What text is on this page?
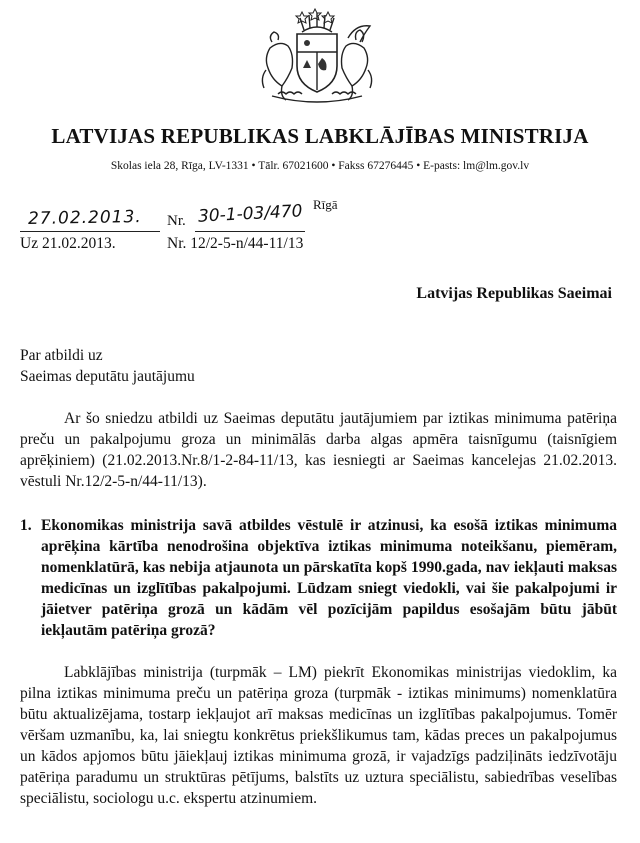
LATVIJAS REPUBLIKAS LABKLĀJĪBAS MINISTRIJA
Skolas iela 28, Rīga, LV-1331 • Tālr. 67021600 • Fakss 67276445 • E-pasts: lm@lm.gov.lv
Rīgā
27.02.2013. Nr. 30-1-03/470
Uz 21.02.2013.	Nr. 12/2-5-n/44-11/13
Latvijas Republikas Saeimai
Par atbildi uz
Saeimas deputātu jautājumu
Ar šo sniedzu atbildi uz Saeimas deputātu jautājumiem par iztikas minimuma patēriņa preču un pakalpojumu groza un minimālās darba algas apmēra taisnīgumu (taisnīgiem aprēķiniem) (21.02.2013.Nr.8/1-2-84-11/13, kas iesniegti ar Saeimas kancelejas 21.02.2013. vēstuli Nr.12/2-5-n/44-11/13).
1. Ekonomikas ministrija savā atbildes vēstulē ir atzinusi, ka esošā iztikas minimuma aprēķina kārtība nenodrošina objektīva iztikas minimuma noteikšanu, piemēram, nomenklatūrā, kas nebija atjaunota un pārskatīta kopš 1990.gada, nav iekļauti maksas medicīnas un izglītības pakalpojumi. Lūdzam sniegt viedokli, vai šie pakalpojumi ir jāietver patēriņa grozā un kādām vēl pozīcijām papildus esošajām būtu jābūt iekļautām patēriņa grozā?
Labklājības ministrija (turpmāk – LM) piekrīt Ekonomikas ministrijas viedoklim, ka pilna iztikas minimuma preču un patēriņa groza (turpmāk - iztikas minimums) nomenklatūra būtu aktualizējama, tostarp iekļaujot arī maksas medicīnas un izglītības pakalpojumus. Tomēr vēršam uzmanību, ka, lai sniegtu konkrētus priekšlikumus tam, kādas preces un pakalpojumus un kādos apjomos būtu jāiekļauj iztikas minimuma grozā, ir vajadzīgs padziļināts iedzīvotāju patēriņa paradumu un struktūras pētījums, balstīts uz uztura speciālistu, sabiedrības veselības speciālistu, sociologu u.c. ekspertu atzinumiem.
